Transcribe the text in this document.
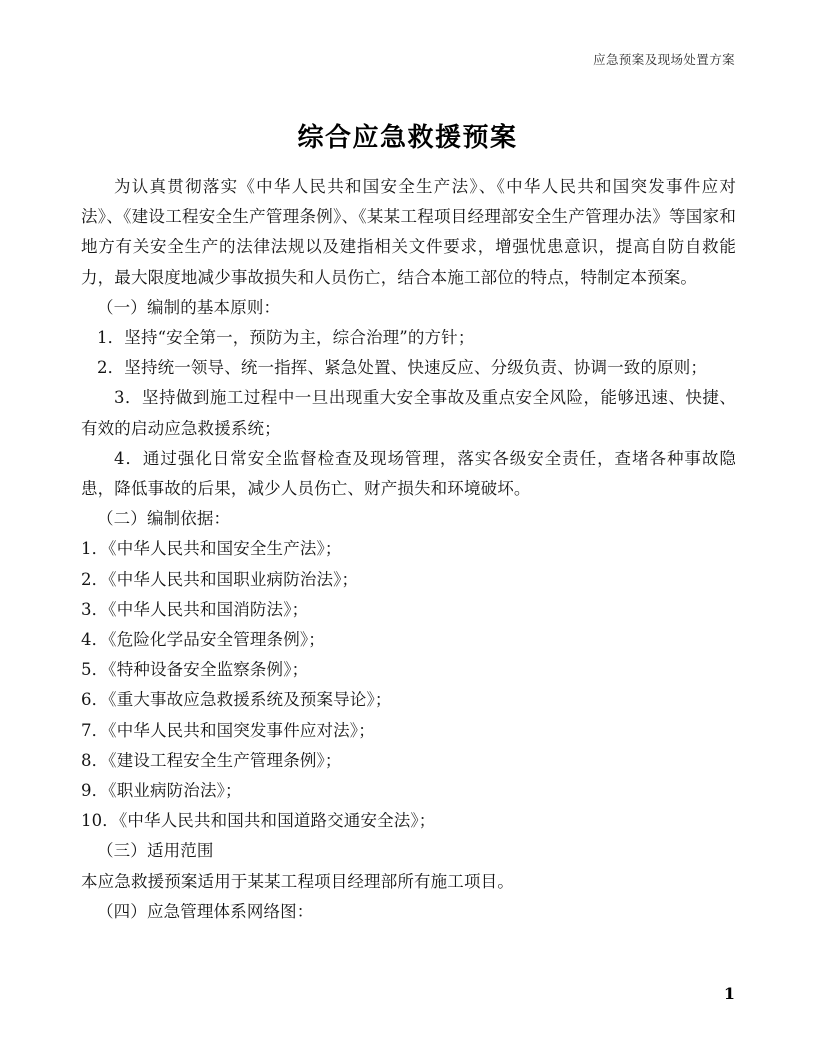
应急预案及现场处置方案
综合应急救援预案

为认真贯彻落实《中华人民共和国安全生产法》、《中华人民共和国突发事件应对法》、《建设工程安全生产管理条例》、《某某工程项目经理部安全生产管理办法》等国家和地方有关安全生产的法律法规以及建指相关文件要求，增强忧患意识，提高自防自救能力，最大限度地减少事故损失和人员伤亡，结合本施工部位的特点，特制定本预案。

（一）编制的基本原则：

1．坚持“安全第一，预防为主，综合治理”的方针；

2．坚持统一领导、统一指挥、紧急处置、快速反应、分级负责、协调一致的原则；

3．坚持做到施工过程中一旦出现重大安全事故及重点安全风险，能够迅速、快捷、有效的启动应急救援系统；

4．通过强化日常安全监督检查及现场管理，落实各级安全责任，查堵各种事故隐患，降低事故的后果，减少人员伤亡、财产损失和环境破坏。

（二）编制依据：

1．《中华人民共和国安全生产法》；

2．《中华人民共和国职业病防治法》；

3．《中华人民共和国消防法》；

4．《危险化学品安全管理条例》；

5．《特种设备安全监察条例》；

6．《重大事故应急救援系统及预案导论》；

7．《中华人民共和国突发事件应对法》；

8．《建设工程安全生产管理条例》；

9．《职业病防治法》；

10．《中华人民共和国共和国道路交通安全法》；

（三）适用范围

本应急救援预案适用于某某工程项目经理部所有施工项目。

（四）应急管理体系网络图：

1
